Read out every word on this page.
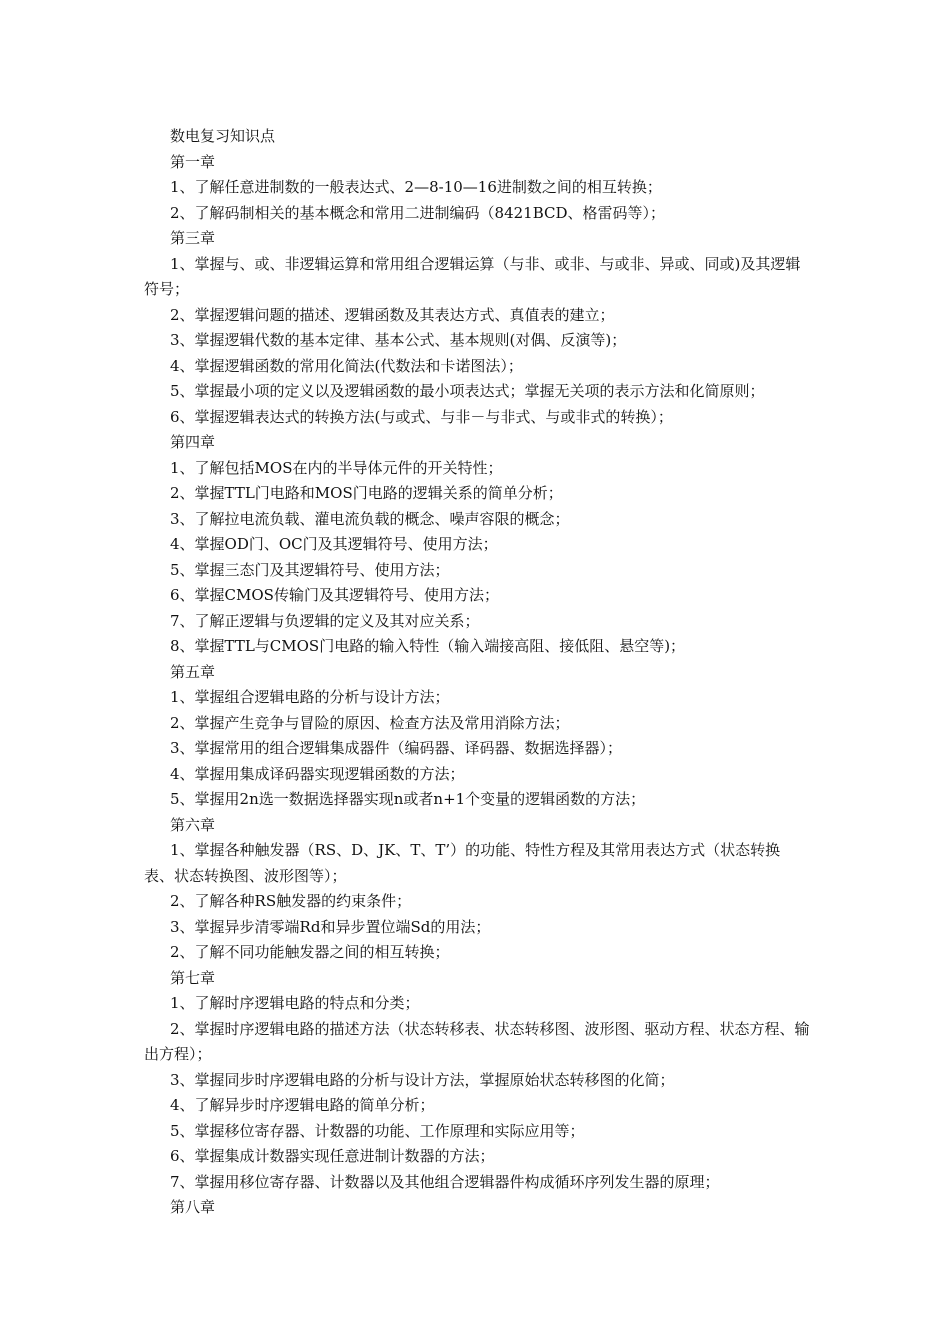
数电复习知识点
第一章
1、了解任意进制数的一般表达式、2—8-10—16进制数之间的相互转换；
2、了解码制相关的基本概念和常用二进制编码（8421BCD、格雷码等）；
第三章
1、掌握与、或、非逻辑运算和常用组合逻辑运算（与非、或非、与或非、异或、同或)及其逻辑符号；
2、掌握逻辑问题的描述、逻辑函数及其表达方式、真值表的建立；
3、掌握逻辑代数的基本定律、基本公式、基本规则(对偶、反演等)；
4、掌握逻辑函数的常用化简法(代数法和卡诺图法）；
5、掌握最小项的定义以及逻辑函数的最小项表达式；掌握无关项的表示方法和化简原则；
6、掌握逻辑表达式的转换方法(与或式、与非－与非式、与或非式的转换）；
第四章
1、了解包括MOS在内的半导体元件的开关特性；
2、掌握TTL门电路和MOS门电路的逻辑关系的简单分析；
3、了解拉电流负载、灌电流负载的概念、噪声容限的概念；
4、掌握OD门、OC门及其逻辑符号、使用方法；
5、掌握三态门及其逻辑符号、使用方法；
6、掌握CMOS传输门及其逻辑符号、使用方法；
7、了解正逻辑与负逻辑的定义及其对应关系；
8、掌握TTL与CMOS门电路的输入特性（输入端接高阻、接低阻、悬空等)；
第五章
1、掌握组合逻辑电路的分析与设计方法；
2、掌握产生竞争与冒险的原因、检查方法及常用消除方法；
3、掌握常用的组合逻辑集成器件（编码器、译码器、数据选择器）；
4、掌握用集成译码器实现逻辑函数的方法；
5、掌握用2n选一数据选择器实现n或者n+1个变量的逻辑函数的方法；
第六章
1、掌握各种触发器（RS、D、JK、T、T’）的功能、特性方程及其常用表达方式（状态转换表、状态转换图、波形图等）；
2、了解各种RS触发器的约束条件；
3、掌握异步清零端Rd和异步置位端Sd的用法；
2、了解不同功能触发器之间的相互转换；
第七章
1、了解时序逻辑电路的特点和分类；
2、掌握时序逻辑电路的描述方法（状态转移表、状态转移图、波形图、驱动方程、状态方程、输出方程）；
3、掌握同步时序逻辑电路的分析与设计方法，掌握原始状态转移图的化简；
4、了解异步时序逻辑电路的简单分析；
5、掌握移位寄存器、计数器的功能、工作原理和实际应用等；
6、掌握集成计数器实现任意进制计数器的方法；
7、掌握用移位寄存器、计数器以及其他组合逻辑器件构成循环序列发生器的原理；
第八章
